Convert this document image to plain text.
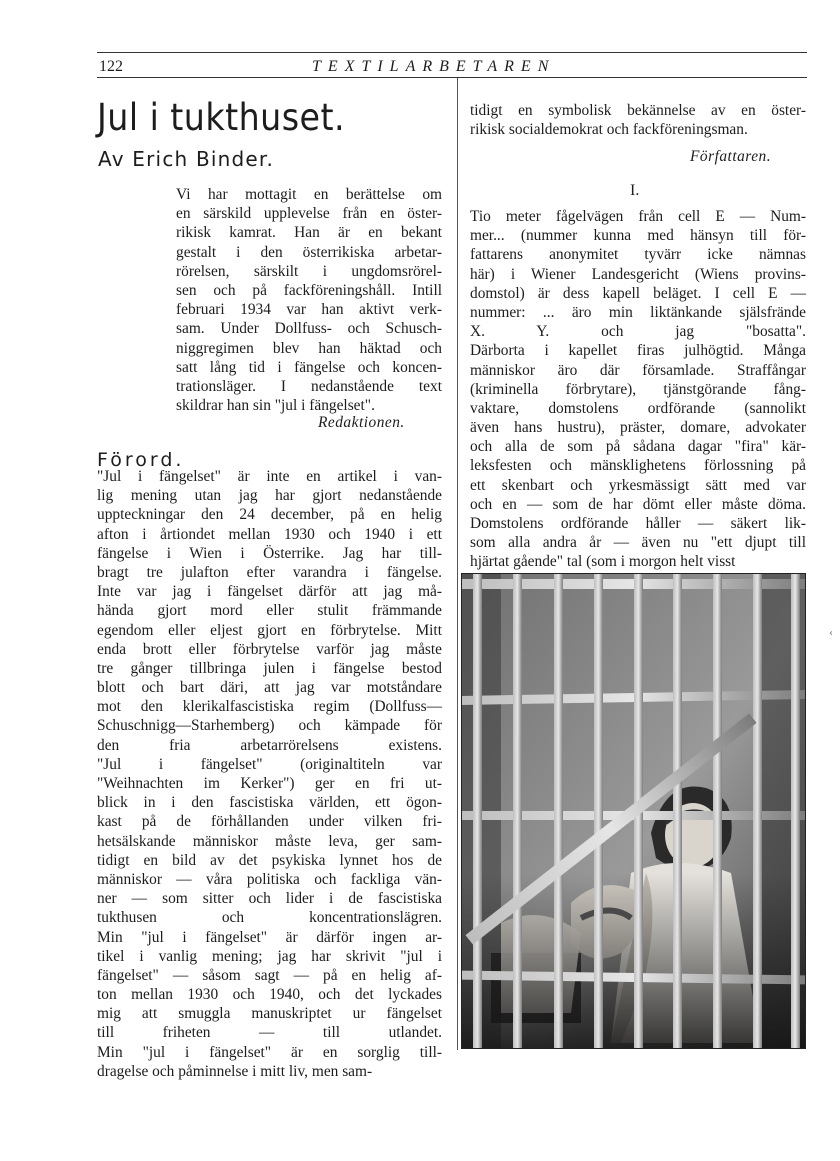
122	TEXTILARBETAREN
Jul i tukthuset.
Av Erich Binder.
Vi har mottagit en berättelse om
en särskild upplevelse från en öster-
rikisk kamrat. Han är en bekant
gestalt i den österrikiska arbetar-
rörelsen, särskilt i ungdomsrörel-
sen och på fackföreningshåll. Intill
februari 1934 var han aktivt verk-
sam. Under Dollfuss- och Schusch-
niggregimen blev han häktad och
satt lång tid i fängelse och koncen-
trationsläger. I nedanstående text
skildrar han sin "jul i fängelset".
Redaktionen.
Förord.
"Jul i fängelset" är inte en artikel i van-
lig mening utan jag har gjort nedanstående
uppteckningar den 24 december, på en helig
afton i årtiondet mellan 1930 och 1940 i ett
fängelse i Wien i Österrike. Jag har till-
bragt tre julafton efter varandra i fängelse.
Inte var jag i fängelset därför att jag må-
hända gjort mord eller stulit främmande
egendom eller eljest gjort en förbrytelse. Mitt
enda brott eller förbrytelse varför jag måste
tre gånger tillbringa julen i fängelse bestod
blott och bart däri, att jag var motståndare
mot den klerikalfascistiska regim (Dollfuss—
Schuschnigg—Starhemberg) och kämpade för
den fria arbetarrörelsens existens.
"Jul i fängelset" (originaltiteln var
"Weihnachten im Kerker") ger en fri ut-
blick in i den fascistiska världen, ett ögon-
kast på de förhållanden under vilken fri-
hetsälskande människor måste leva, ger sam-
tidigt en bild av det psykiska lynnet hos de
människor — våra politiska och fackliga vän-
ner — som sitter och lider i de fascistiska
tukthusen och koncentrationslägren.
Min "jul i fängelset" är därför ingen ar-
tikel i vanlig mening; jag har skrivit "jul i
fängelset" — såsom sagt — på en helig af-
ton mellan 1930 och 1940, och det lyckades
mig att smuggla manuskriptet ur fängelset
till friheten — till utlandet.
Min "jul i fängelset" är en sorglig till-
dragelse och påminnelse i mitt liv, men sam-
tidigt en symbolisk bekännelse av en öster-
rikisk socialdemokrat och fackföreningsman.
Författaren.
I.
Tio meter fågelvägen från cell E — Num-
mer... (nummer kunna med hänsyn till för-
fattarens anonymitet tyvärr icke nämnas
här) i Wiener Landesgericht (Wiens provins-
domstol) är dess kapell beläget. I cell E —
nummer: ... äro min liktänkande själsfrände
X. Y. och jag "bosatta".
Därborta i kapellet firas julhögtid. Många
människor äro där församlade. Straffångar
(kriminella förbrytare), tjänstgörande fång-
vaktare, domstolens ordförande (sannolikt
även hans hustru), präster, domare, advokater
och alla de som på sådana dagar "fira" kär-
leksfesten och mänsklighetens förlossning på
ett skenbart och yrkesmässigt sätt med var
och en — som de har dömt eller måste döma.
Domstolens ordförande håller — säkert lik-
som alla andra år — även nu "ett djupt till
hjärtat gående" tal (som i morgon helt visst
‹
